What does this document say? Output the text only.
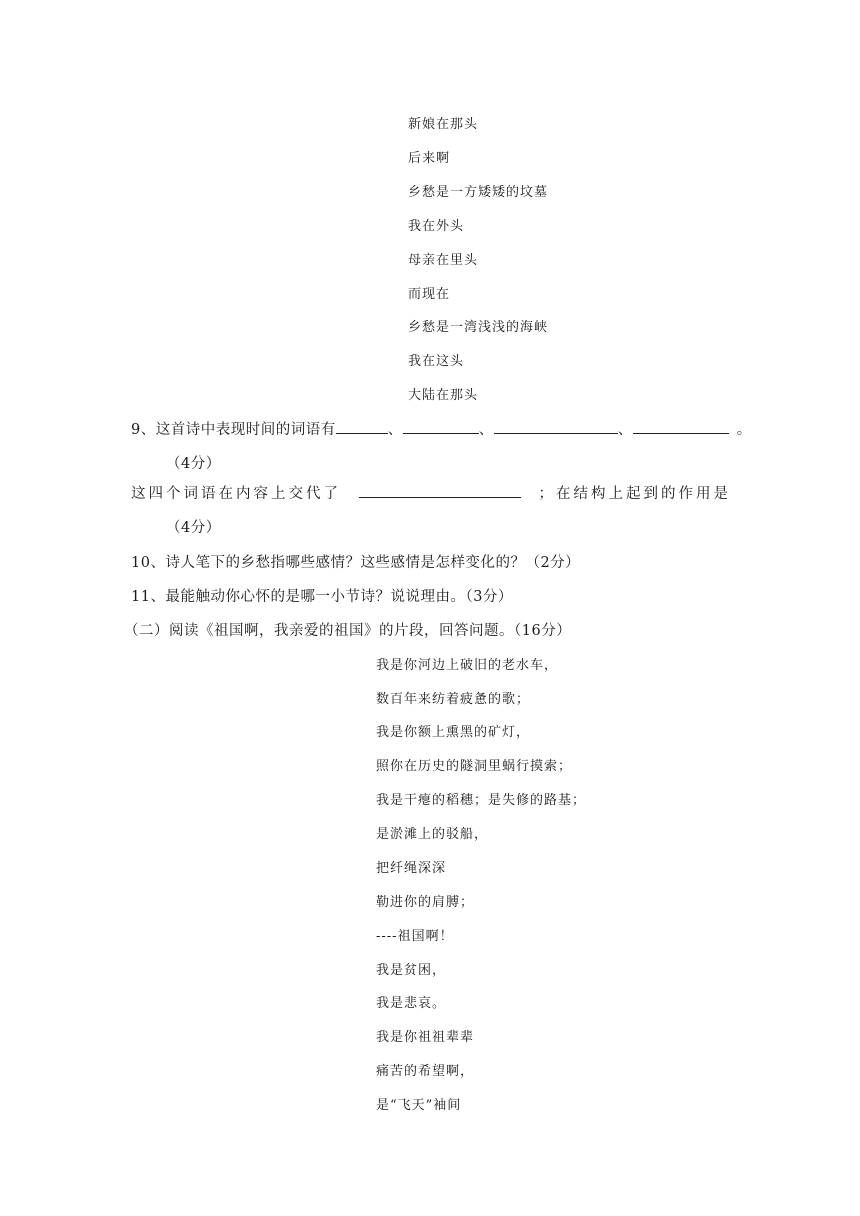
新娘在那头
后来啊
乡愁是一方矮矮的坟墓
我在外头
母亲在里头
而现在
乡愁是一湾浅浅的海峡
我在这头
大陆在那头
9、这首诗中表现时间的词语有	、	、	、	。
（4分）
这四个词语在内容上交代了	；在结构上起到的作用是
（4分）
10、诗人笔下的乡愁指哪些感情？这些感情是怎样变化的？（2分）
11、最能触动你心怀的是哪一小节诗？说说理由。（3分）
（二）阅读《祖国啊，我亲爱的祖国》的片段，回答问题。（16分）
我是你河边上破旧的老水车，
数百年来纺着疲惫的歌；
我是你额上熏黑的矿灯，
照你在历史的隧洞里蜗行摸索；
我是干瘪的稻穗；是失修的路基；
是淤滩上的驳船，
把纤绳深深
勒进你的肩膊；
----祖国啊！
我是贫困，
我是悲哀。
我是你祖祖辈辈
痛苦的希望啊，
是“飞天”袖间
